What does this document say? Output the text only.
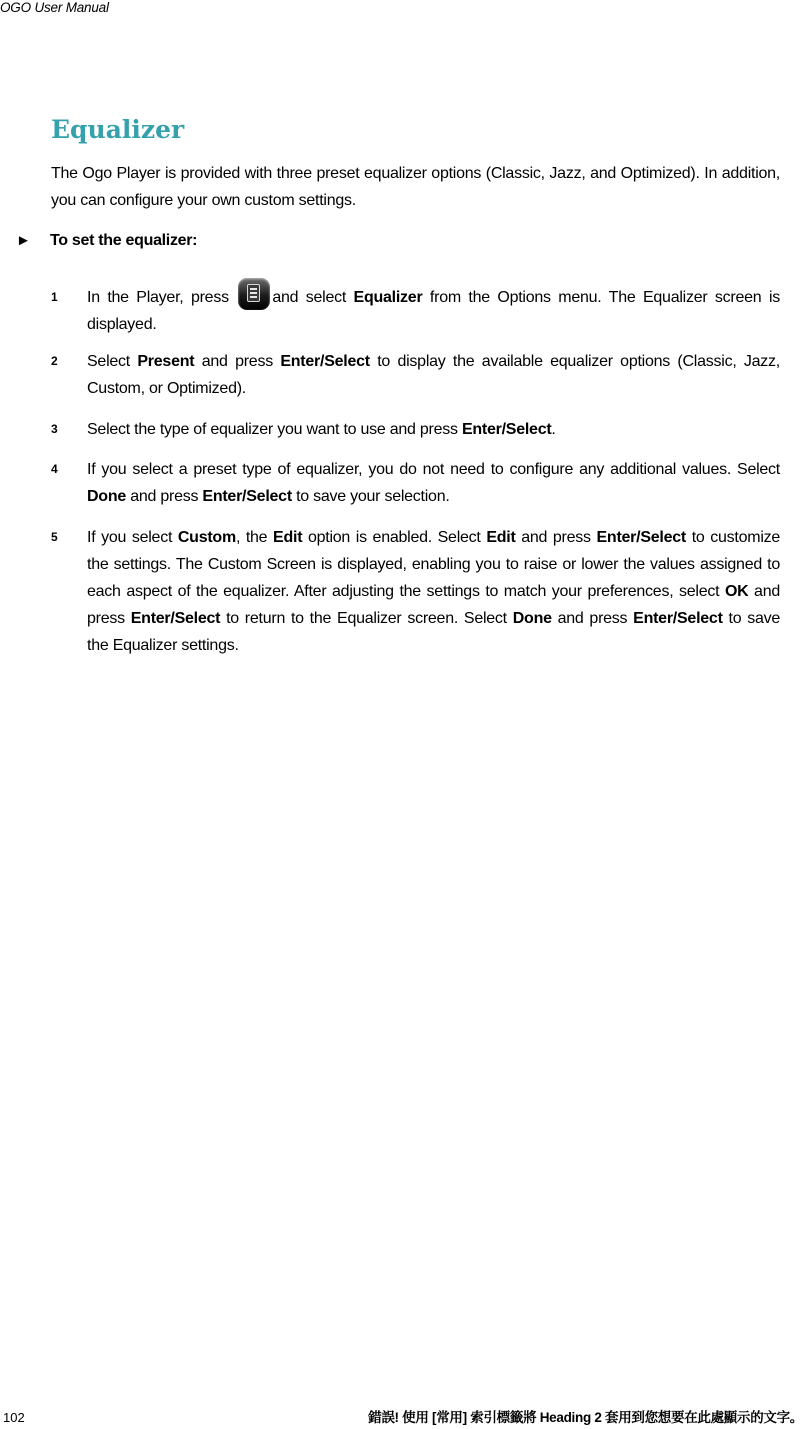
OGO User Manual
Equalizer

The Ogo Player is provided with three preset equalizer options (Classic, Jazz, and Optimized). In addition, you can configure your own custom settings.

► To set the equalizer:
1 In the Player, press
and select Equalizer from the Options menu. The Equalizer screen is displayed.

2 Select Present and press Enter/Select to display the available equalizer options (Classic, Jazz, Custom, or Optimized).

3 Select the type of equalizer you want to use and press Enter/Select.

4 If you select a preset type of equalizer, you do not need to configure any additional values. Select Done and press Enter/Select to save your selection.

5 If you select Custom, the Edit option is enabled. Select Edit and press Enter/Select to customize the settings. The Custom Screen is displayed, enabling you to raise or lower the values assigned to each aspect of the equalizer. After adjusting the settings to match your preferences, select OK and press Enter/Select to return to the Equalizer screen. Select Done and press Enter/Select to save the Equalizer settings.

102	錯誤! 使用 [常用] 索引標籤將 Heading 2 套用到您想要在此處顯示的文字。
